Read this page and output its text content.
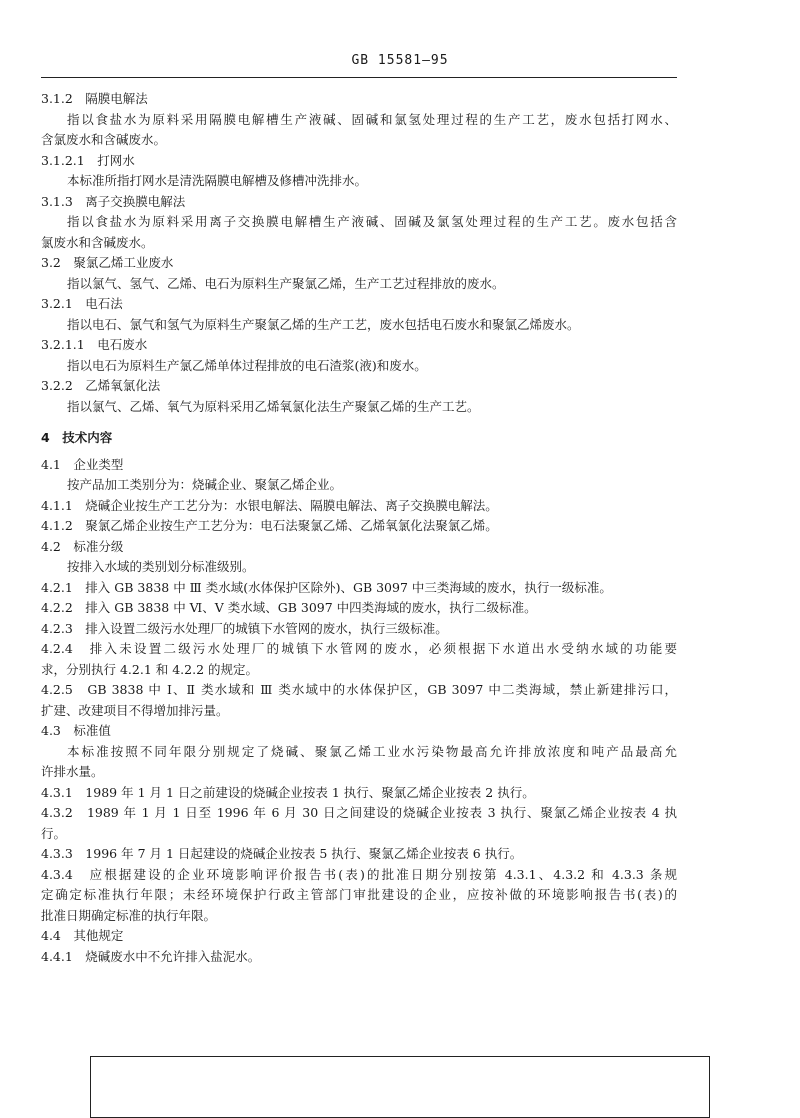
GB 15581—95
3.1.2　隔膜电解法
指以食盐水为原料采用隔膜电解槽生产液碱、固碱和氯氢处理过程的生产工艺，废水包括打网水、
含氯废水和含碱废水。
3.1.2.1　打网水
本标准所指打网水是清洗隔膜电解槽及修槽冲洗排水。
3.1.3　离子交换膜电解法
指以食盐水为原料采用离子交换膜电解槽生产液碱、固碱及氯氢处理过程的生产工艺。废水包括含
氯废水和含碱废水。
3.2　聚氯乙烯工业废水
指以氯气、氢气、乙烯、电石为原料生产聚氯乙烯，生产工艺过程排放的废水。
3.2.1　电石法
指以电石、氯气和氢气为原料生产聚氯乙烯的生产工艺，废水包括电石废水和聚氯乙烯废水。
3.2.1.1　电石废水
指以电石为原料生产氯乙烯单体过程排放的电石渣浆(液)和废水。
3.2.2　乙烯氧氯化法
指以氯气、乙烯、氧气为原料采用乙烯氧氯化法生产聚氯乙烯的生产工艺。
4　技术内容
4.1　企业类型
按产品加工类别分为：烧碱企业、聚氯乙烯企业。
4.1.1　烧碱企业按生产工艺分为：水银电解法、隔膜电解法、离子交换膜电解法。
4.1.2　聚氯乙烯企业按生产工艺分为：电石法聚氯乙烯、乙烯氧氯化法聚氯乙烯。
4.2　标准分级
按排入水域的类别划分标准级别。
4.2.1　排入 GB 3838 中 Ⅲ 类水域(水体保护区除外)、GB 3097 中三类海域的废水，执行一级标准。
4.2.2　排入 GB 3838 中 Ⅵ、Ⅴ 类水域、GB 3097 中四类海域的废水，执行二级标准。
4.2.3　排入设置二级污水处理厂的城镇下水管网的废水，执行三级标准。
4.2.4　排入未设置二级污水处理厂的城镇下水管网的废水，必须根据下水道出水受纳水域的功能要
求，分别执行 4.2.1 和 4.2.2 的规定。
4.2.5　GB 3838 中 Ⅰ、Ⅱ 类水域和 Ⅲ 类水域中的水体保护区，GB 3097 中二类海域，禁止新建排污口，
扩建、改建项目不得增加排污量。
4.3　标准值
本标准按照不同年限分别规定了烧碱、聚氯乙烯工业水污染物最高允许排放浓度和吨产品最高允
许排水量。
4.3.1　1989 年 1 月 1 日之前建设的烧碱企业按表 1 执行、聚氯乙烯企业按表 2 执行。
4.3.2　1989 年 1 月 1 日至 1996 年 6 月 30 日之间建设的烧碱企业按表 3 执行、聚氯乙烯企业按表 4 执
行。
4.3.3　1996 年 7 月 1 日起建设的烧碱企业按表 5 执行、聚氯乙烯企业按表 6 执行。
4.3.4　应根据建设的企业环境影响评价报告书(表)的批准日期分别按第 4.3.1、4.3.2 和 4.3.3 条规
定确定标准执行年限；未经环境保护行政主管部门审批建设的企业，应按补做的环境影响报告书(表)的
批准日期确定标准的执行年限。
4.4　其他规定
4.4.1　烧碱废水中不允许排入盐泥水。
